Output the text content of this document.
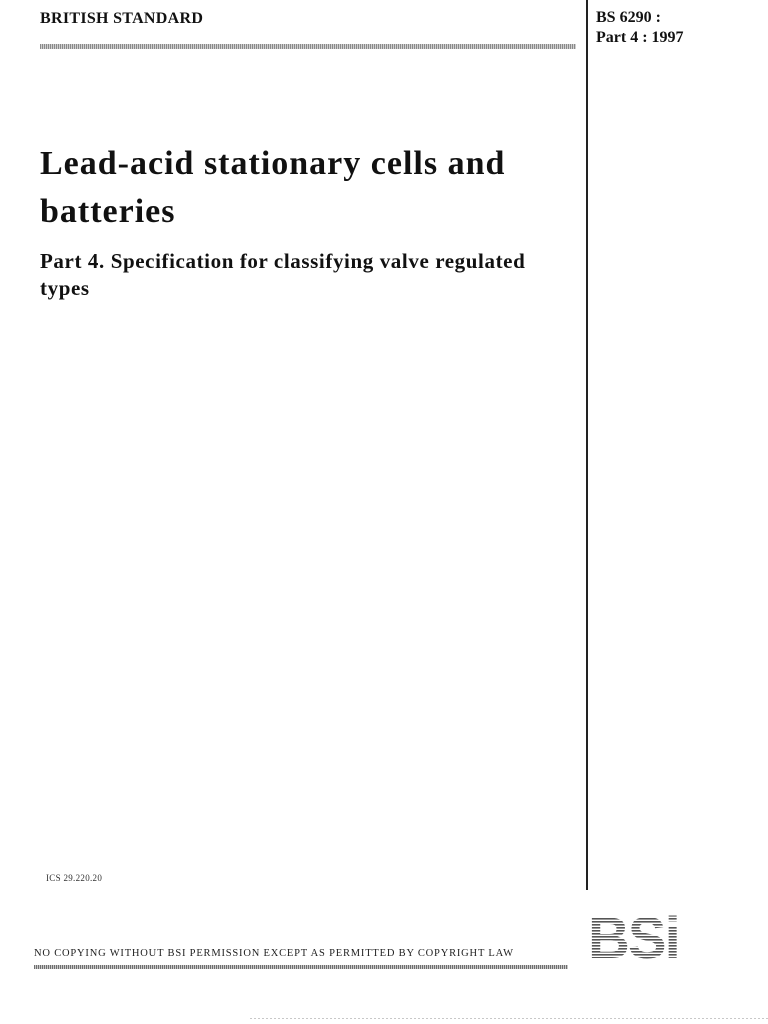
BRITISH STANDARD	BS 6290 :
Part 4 : 1997
Lead-acid stationary cells and batteries
Part 4. Specification for classifying valve regulated types
ICS 29.220.20
BSi
NO COPYING WITHOUT BSI PERMISSION EXCEPT AS PERMITTED BY COPYRIGHT LAW
